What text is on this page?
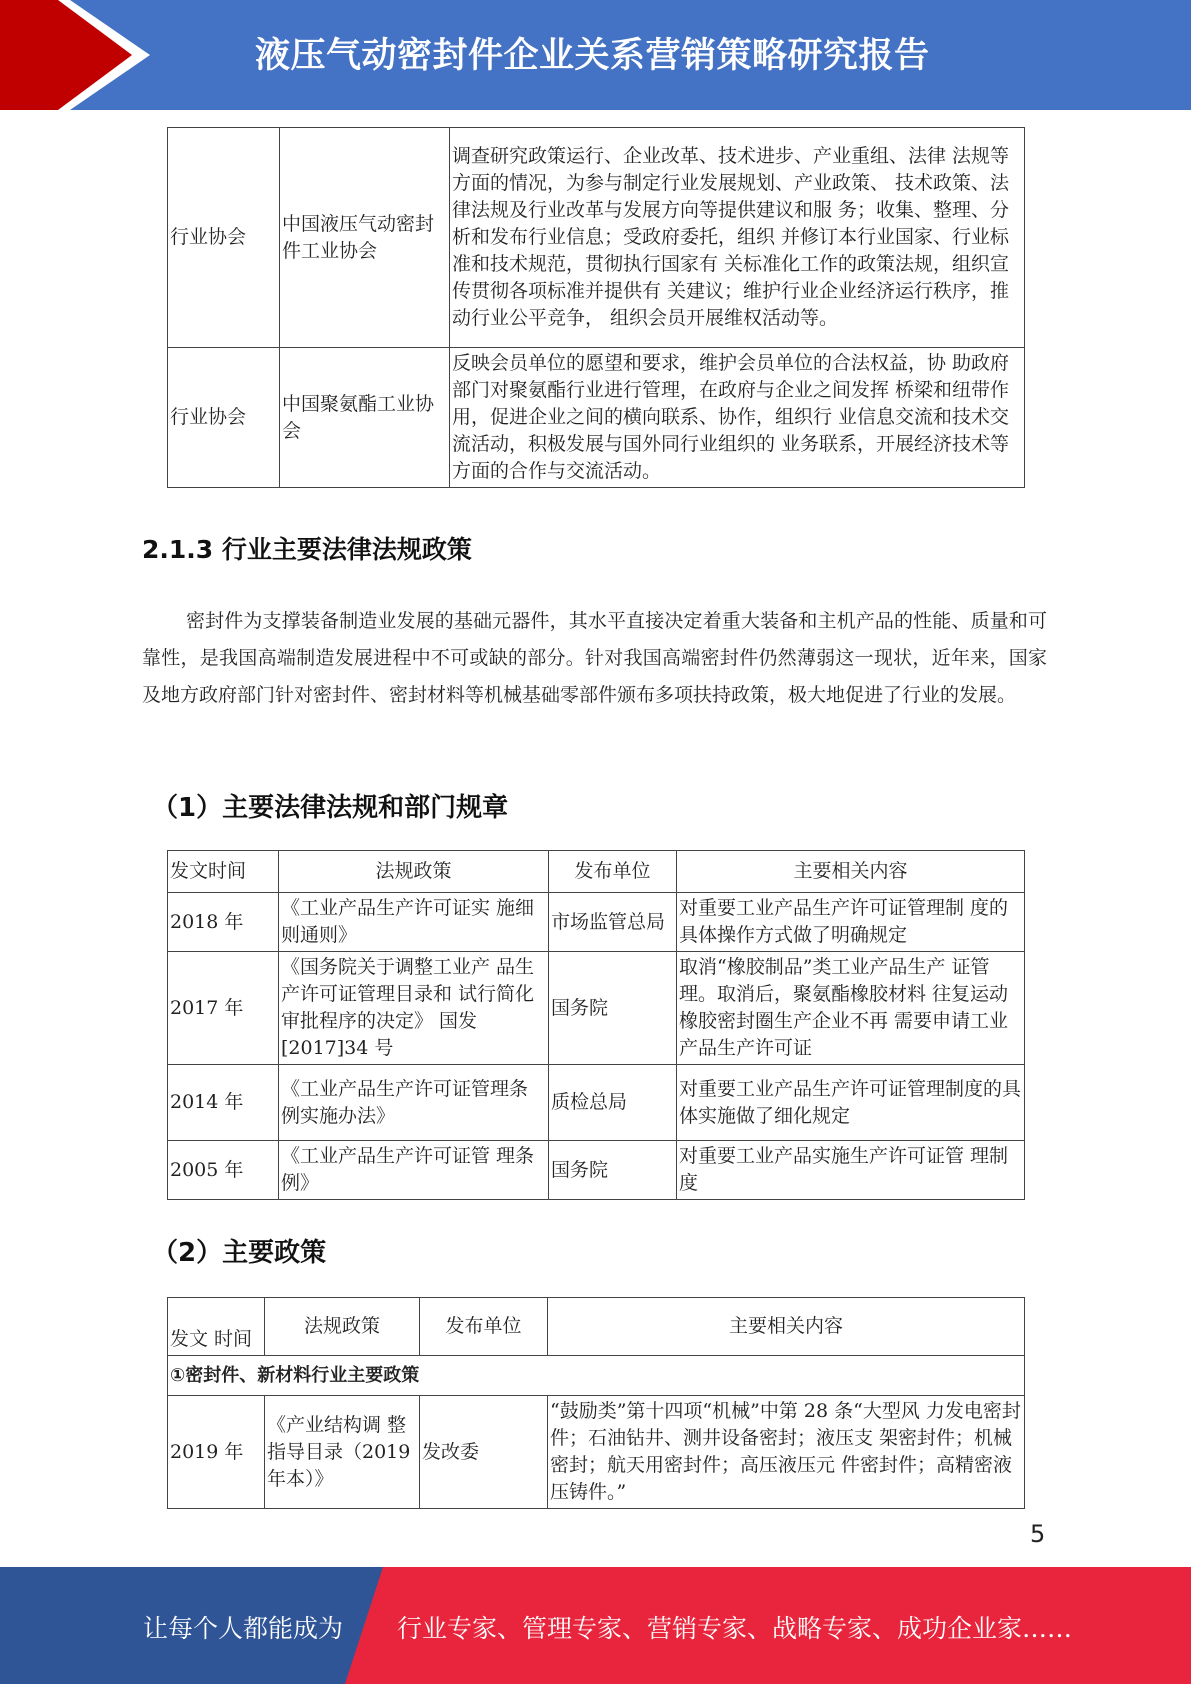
液压气动密封件企业关系营销策略研究报告
行业协会	中国液压气动密封件工业协会	调查研究政策运行、企业改革、技术进步、产业重组、法律 法规等方面的情况，为参与制定行业发展规划、产业政策、 技术政策、法律法规及行业改革与发展方向等提供建议和服 务；收集、整理、分析和发布行业信息；受政府委托，组织 并修订本行业国家、行业标准和技术规范，贯彻执行国家有 关标准化工作的政策法规，组织宣传贯彻各项标准并提供有 关建议；维护行业企业经济运行秩序，推动行业公平竞争， 组织会员开展维权活动等。
行业协会	中国聚氨酯工业协会	反映会员单位的愿望和要求，维护会员单位的合法权益，协 助政府部门对聚氨酯行业进行管理，在政府与企业之间发挥 桥梁和纽带作用，促进企业之间的横向联系、协作，组织行 业信息交流和技术交流活动，积极发展与国外同行业组织的 业务联系，开展经济技术等方面的合作与交流活动。
2.1.3 行业主要法律法规政策
密封件为支撑装备制造业发展的基础元器件，其水平直接决定着重大装备和主机产品的性能、质量和可靠性，是我国高端制造发展进程中不可或缺的部分。针对我国高端密封件仍然薄弱这一现状，近年来，国家及地方政府部门针对密封件、密封材料等机械基础零部件颁布多项扶持政策，极大地促进了行业的发展。
（1）主要法律法规和部门规章
发文时间	法规政策	发布单位	主要相关内容
2018 年	《工业产品生产许可证实 施细则通则》	市场监管总局	对重要工业产品生产许可证管理制 度的具体操作方式做了明确规定
2017 年	《国务院关于调整工业产 品生产许可证管理目录和 试行简化审批程序的决定》 国发[2017]34 号	国务院	取消“橡胶制品”类工业产品生产 证管理。取消后，聚氨酯橡胶材料 往复运动橡胶密封圈生产企业不再 需要申请工业产品生产许可证
2014 年	《工业产品生产许可证管理条例实施办法》	质检总局	对重要工业产品生产许可证管理制度的具体实施做了细化规定
2005 年	《工业产品生产许可证管 理条例》	国务院	对重要工业产品实施生产许可证管 理制度
（2）主要政策
发文 时间	法规政策	发布单位	主要相关内容
①密封件、新材料行业主要政策			
2019 年	《产业结构调 整指导目录（2019 年本）》	发改委	“鼓励类”第十四项“机械”中第 28 条“大型风 力发电密封件；石油钻井、测井设备密封；液压支 架密封件；机械密封；航天用密封件；高压液压元 件密封件；高精密液压铸件。”
5
让每个人都能成为 行业专家、管理专家、营销专家、战略专家、成功企业家……
